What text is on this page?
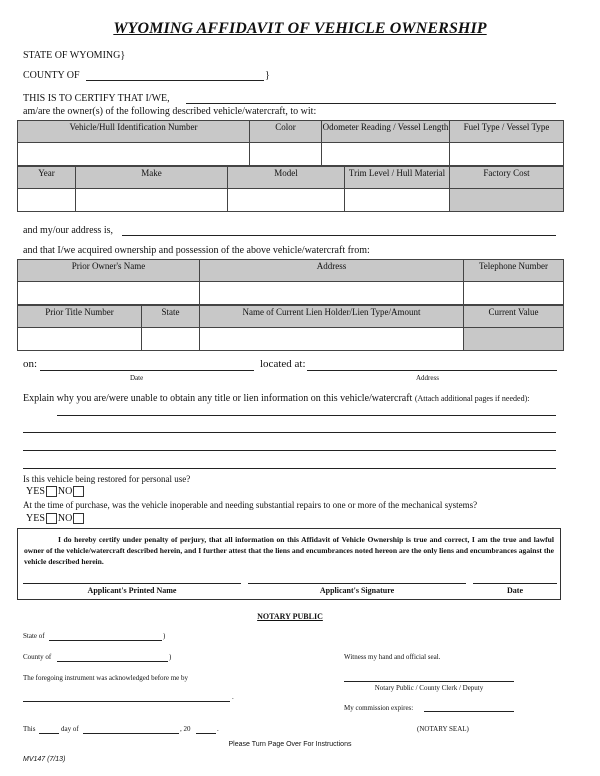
WYOMING AFFIDAVIT OF VEHICLE OWNERSHIP
STATE OF WYOMING}
COUNTY OF	}
THIS IS TO CERTIFY THAT I/WE,
am/are the owner(s) of the following described vehicle/watercraft, to wit:
Vehicle/Hull Identification Number	Color	Odometer Reading / Vessel Length	Fuel Type / Vessel Type

Year	Make	Model	Trim Level / Hull Material	Factory Cost

and my/our address is,
and that I/we acquired ownership and possession of the above vehicle/watercraft from:
Prior Owner's Name	Address	Telephone Number

Prior Title Number	State	Name of Current Lien Holder/Lien Type/Amount	Current Value

on:	located at:
Date	Address
Explain why you are/were unable to obtain any title or lien information on this vehicle/watercraft (Attach additional pages if needed):
Is this vehicle being restored for personal use?
YES NO
At the time of purchase, was the vehicle inoperable and needing substantial repairs to one or more of the mechanical systems?
YES NO
I do hereby certify under penalty of perjury, that all information on this Affidavit of Vehicle Ownership is true and correct, I am the true and lawful owner of the vehicle/watercraft described herein, and I further attest that the liens and encumbrances noted hereon are the only liens and encumbrances against the vehicle described herein.
Applicant's Printed Name	Applicant's Signature	Date
NOTARY PUBLIC
State of	)
County of	)	Witness my hand and official seal.
The foregoing instrument was acknowledged before me by
Notary Public / County Clerk / Deputy
.
My commission expires:
This	day of	, 20	.	(NOTARY SEAL)
Please Turn Page Over For Instructions
MV147 (7/13)
